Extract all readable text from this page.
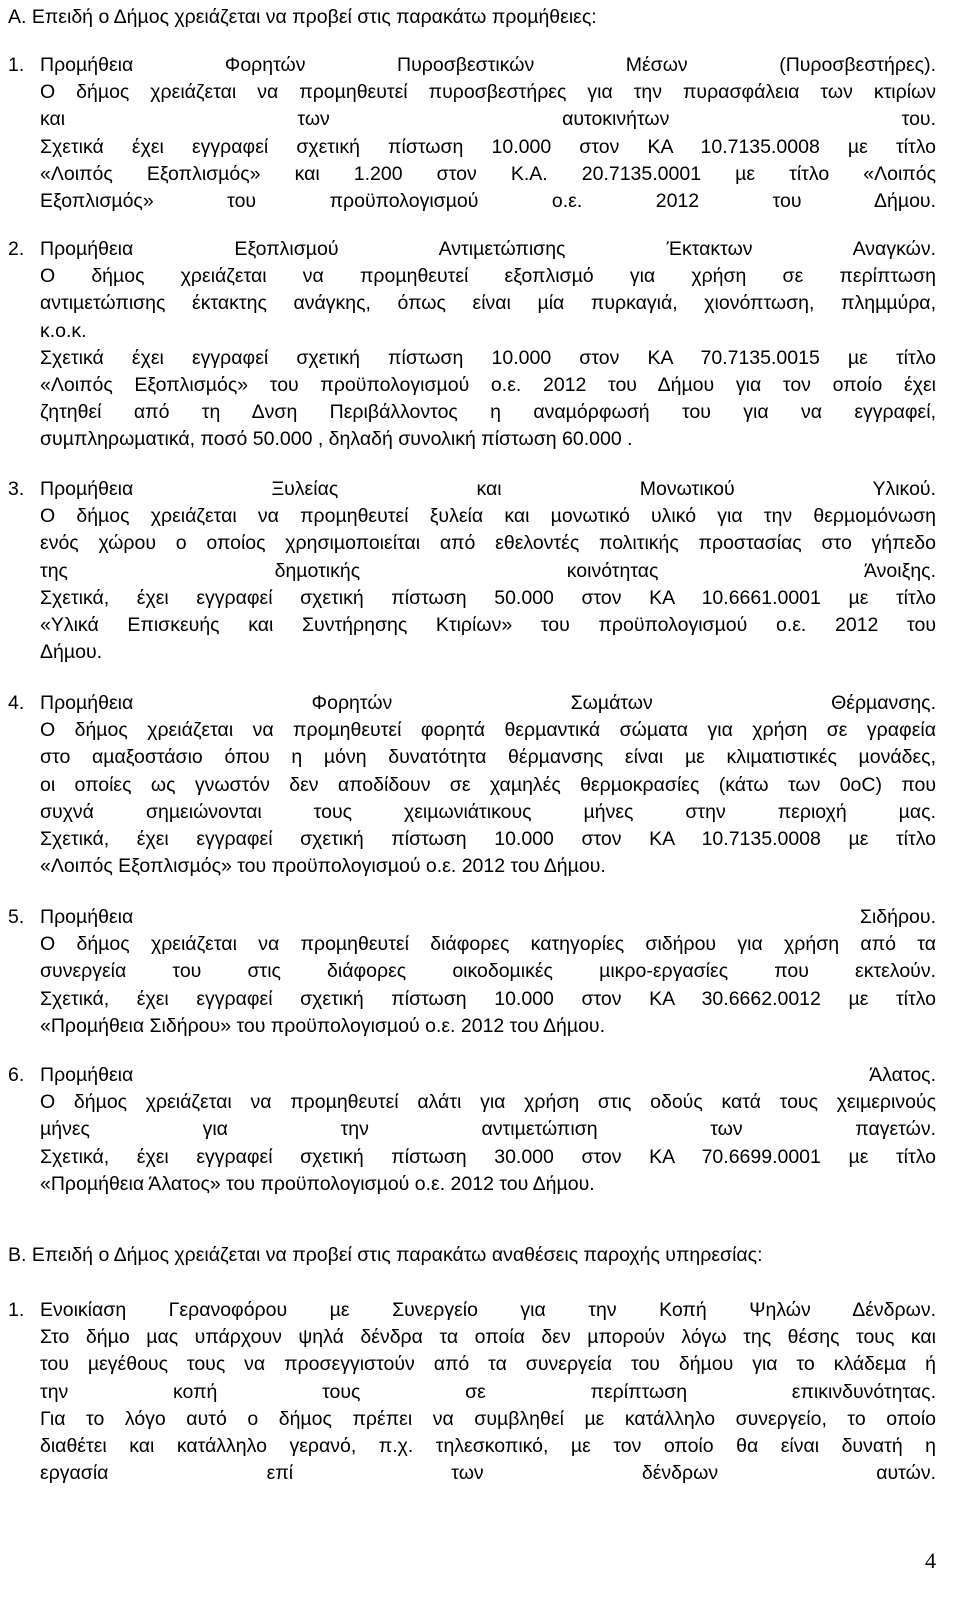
Α. Επειδή ο Δήµος χρειάζεται να προβεί στις παρακάτω προµήθειες:
1. Προµήθεια Φορητών Πυροσβεστικών Μέσων (Πυροσβεστήρες).
Ο δήµος χρειάζεται να προµηθευτεί πυροσβεστήρες για την πυρασφάλεια των κτιρίων
και των αυτοκινήτων του.
Σχετικά έχει εγγραφεί σχετική πίστωση 10.000 στον ΚΑ 10.7135.0008 µε τίτλο
«Λοιπός Εξοπλισµός» και 1.200 στον Κ.Α. 20.7135.0001 µε τίτλο «Λοιπός
Εξοπλισµός» του προϋπολογισµού ο.ε. 2012 του Δήµου.
2. Προµήθεια Εξοπλισµού Αντιµετώπισης Έκτακτων Αναγκών.
Ο δήµος χρειάζεται να προµηθευτεί εξοπλισµό για χρήση σε περίπτωση
αντιµετώπισης έκτακτης ανάγκης, όπως είναι µία πυρκαγιά, χιονόπτωση, πληµµύρα,
κ.ο.κ.
Σχετικά έχει εγγραφεί σχετική πίστωση 10.000 στον ΚΑ 70.7135.0015 µε τίτλο
«Λοιπός Εξοπλισµός» του προϋπολογισµού ο.ε. 2012 του Δήµου για τον οποίο έχει
ζητηθεί από τη Δνση Περιβάλλοντος η αναµόρφωσή του για να εγγραφεί,
συµπληρωµατικά, ποσό 50.000 , δηλαδή συνολική πίστωση 60.000 .
3. Προµήθεια Ξυλείας και Μονωτικού Υλικού.
Ο δήµος χρειάζεται να προµηθευτεί ξυλεία και µονωτικό υλικό για την θερµοµόνωση
ενός χώρου ο οποίος χρησιµοποιείται από εθελοντές πολιτικής προστασίας στο γήπεδο
της δηµοτικής κοινότητας Άνοιξης.
Σχετικά, έχει εγγραφεί σχετική πίστωση 50.000 στον ΚΑ 10.6661.0001 µε τίτλο
«Υλικά Επισκευής και Συντήρησης Κτιρίων» του προϋπολογισµού ο.ε. 2012 του
Δήµου.
4. Προµήθεια Φορητών Σωµάτων Θέρµανσης.
Ο δήµος χρειάζεται να προµηθευτεί φορητά θερµαντικά σώµατα για χρήση σε γραφεία
στο αµαξοστάσιο όπου η µόνη δυνατότητα θέρµανσης είναι µε κλιµατιστικές µονάδες,
οι οποίες ως γνωστόν δεν αποδίδουν σε χαµηλές θερµοκρασίες (κάτω των 0oC) που
συχνά σηµειώνονται τους χειµωνιάτικους µήνες στην περιοχή µας.
Σχετικά, έχει εγγραφεί σχετική πίστωση 10.000 στον ΚΑ 10.7135.0008 µε τίτλο
«Λοιπός Εξοπλισµός» του προϋπολογισµού ο.ε. 2012 του Δήµου.
5. Προµήθεια Σιδήρου.
Ο δήµος χρειάζεται να προµηθευτεί διάφορες κατηγορίες σιδήρου για χρήση από τα
συνεργεία του στις διάφορες οικοδοµικές µικρο-εργασίες που εκτελούν.
Σχετικά, έχει εγγραφεί σχετική πίστωση 10.000 στον ΚΑ 30.6662.0012 µε τίτλο
«Προµήθεια Σιδήρου» του προϋπολογισµού ο.ε. 2012 του Δήµου.
6. Προµήθεια Άλατος.
Ο δήµος χρειάζεται να προµηθευτεί αλάτι για χρήση στις οδούς κατά τους χειµερινούς
µήνες για την αντιµετώπιση των παγετών.
Σχετικά, έχει εγγραφεί σχετική πίστωση 30.000 στον ΚΑ 70.6699.0001 µε τίτλο
«Προµήθεια Άλατος» του προϋπολογισµού ο.ε. 2012 του Δήµου.
Β. Επειδή ο Δήµος χρειάζεται να προβεί στις παρακάτω αναθέσεις παροχής υπηρεσίας:
1. Ενοικίαση Γερανοφόρου µε Συνεργείο για την Κοπή Ψηλών Δένδρων.
Στο δήµο µας υπάρχουν ψηλά δένδρα τα οποία δεν µπορούν λόγω της θέσης τους και
του µεγέθους τους να προσεγγιστούν από τα συνεργεία του δήµου για το κλάδεµα ή
την κοπή τους σε περίπτωση επικινδυνότητας.
Για το λόγο αυτό ο δήµος πρέπει να συµβληθεί µε κατάλληλο συνεργείο, το οποίο
διαθέτει και κατάλληλο γερανό, π.χ. τηλεσκοπικό, µε τον οποίο θα είναι δυνατή η
εργασία επί των δένδρων αυτών.
4
